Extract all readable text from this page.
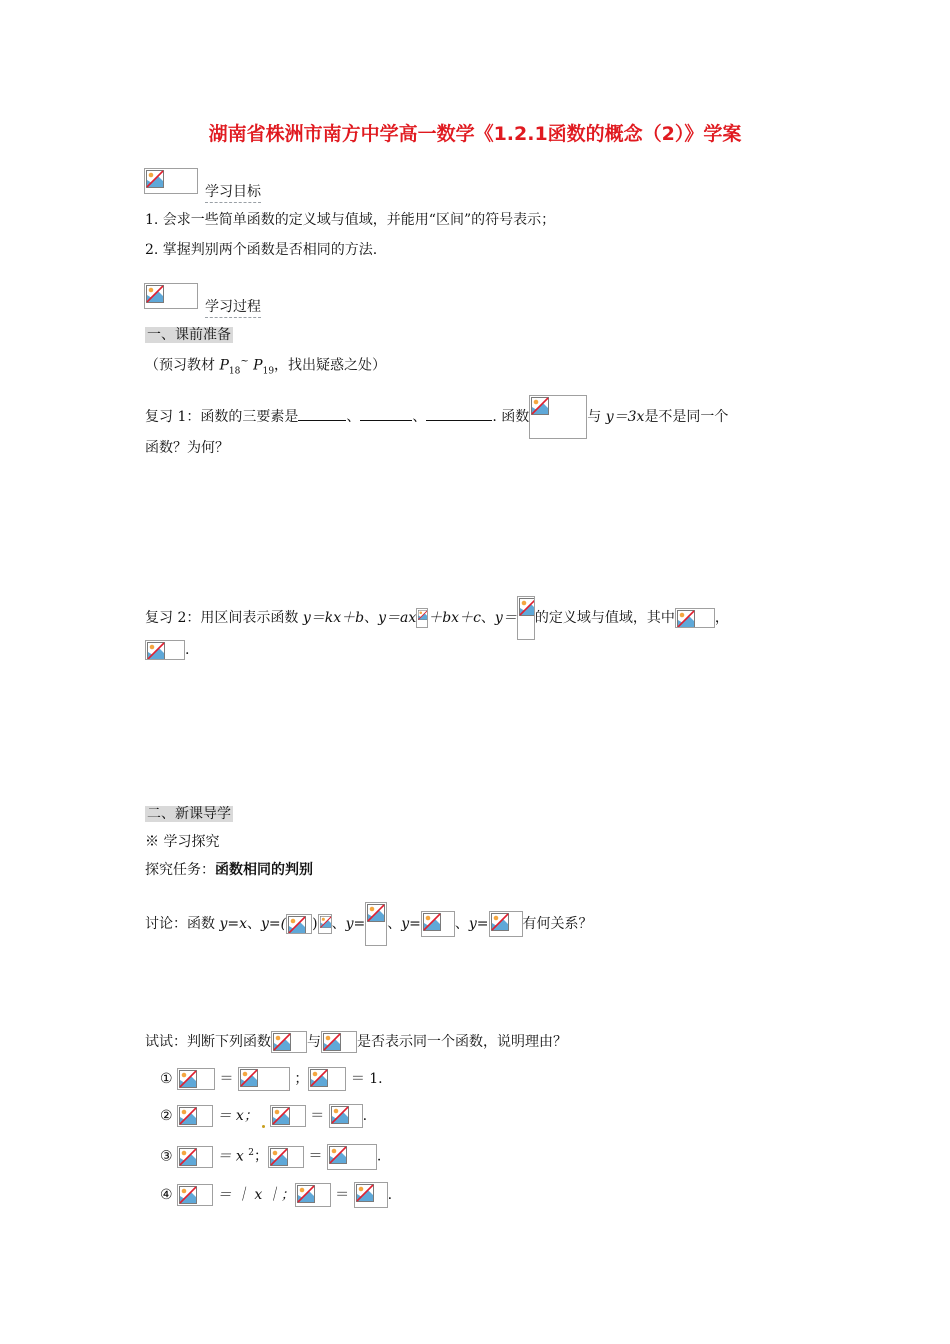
湖南省株洲市南方中学高一数学《1.2.1函数的概念（2）》学案
学习目标
1. 会求一些简单函数的定义域与值域，并能用“区间”的符号表示；
2. 掌握判别两个函数是否相同的方法.
学习过程
一、课前准备
（预习教材 $P_{18}^\sim$ $P_{19}$，找出疑惑之处）
复习 1：函数的三要素是	、	、	. 函数	与 y＝3x是不是同一个
函数？为何？
复习 2：用区间表示函数 y＝kx＋b、y＝ax ＋bx＋c、y＝ 的定义域与值域，其中	，
.
二、新课导学
※ 学习探究
探究任务：函数相同的判别
讨论：函数 y=x、y=( ) 、y= 、y= 、y= 有何关系？
试试：判断下列函数	与	是否表示同一个函数，说明理由？
①	＝	；	＝ 1.
②	＝ x；	＝	.
③	＝ x $^2$；	＝	.
④	＝ ｜ x ｜；	＝	.
